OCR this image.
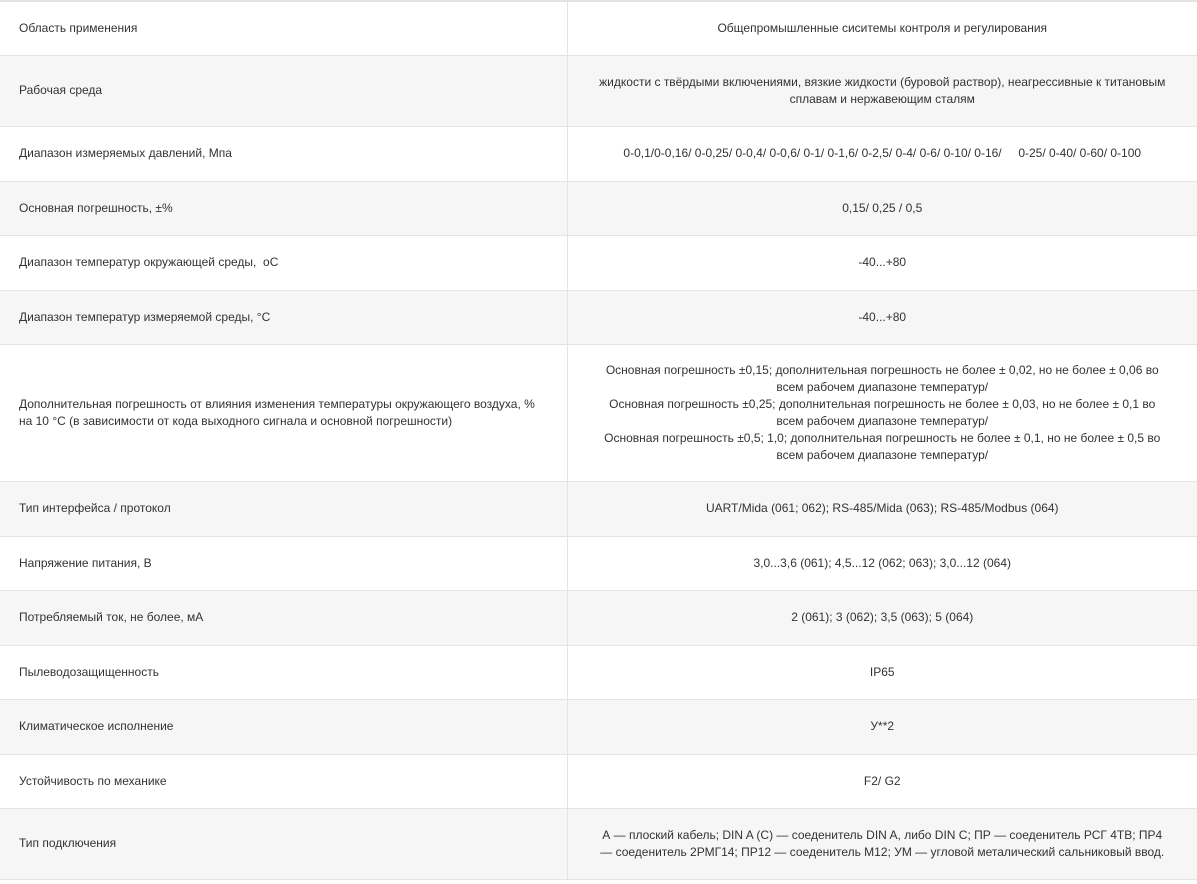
Область применения	Общепромышленные сиситемы контроля и регулирования

Рабочая среда	жидкости с твёрдыми включениями, вязкие жидкости (буровой раствор), неагрессивные к титановым сплавам и нержавеющим сталям

Диапазон измеряемых давлений, Мпа	0-0,1/0-0,16/ 0-0,25/ 0-0,4/ 0-0,6/ 0-1/ 0-1,6/ 0-2,5/ 0-4/ 0-6/ 0-10/ 0-16/     0-25/ 0-40/ 0-60/ 0-100

Основная погрешность, ±%	0,15/ 0,25 / 0,5

Диапазон температур окружающей среды,  оС	-40...+80

Диапазон температур измеряемой среды, °С	-40...+80

Дополнительная погрешность от влияния изменения температуры окружающего воздуха, % на 10 °С (в зависимости от кода выходного сигнала и основной погрешности)	Основная погрешность ±0,15; дополнительная погрешность не более ± 0,02, но не более ± 0,06 во всем рабочем диапазоне температур/
Основная погрешность ±0,25; дополнительная погрешность не более ± 0,03, но не более ± 0,1 во всем рабочем диапазоне температур/
Основная погрешность ±0,5; 1,0; дополнительная погрешность не более ± 0,1, но не более ± 0,5 во всем рабочем диапазоне температур/

Тип интерфейса / протокол	UART/Mida (061; 062); RS-485/Mida (063); RS-485/Modbus (064)

Напряжение питания, В	3,0...3,6 (061); 4,5...12 (062; 063); 3,0...12 (064)

Потребляемый ток, не более, мА	2 (061); 3 (062); 3,5 (063); 5 (064)

Пылеводозащищенность	IP65

Климатическое исполнение	У**2

Устойчивость по механике	F2/ G2

Тип подключения	А — плоский кабель; DIN A (C) — соеденитель DIN A, либо DIN C; ПР — соеденитель РСГ 4ТВ; ПР4 — соеденитель 2РМГ14; ПР12 — соеденитель М12; УМ — угловой металический сальниковый ввод.
